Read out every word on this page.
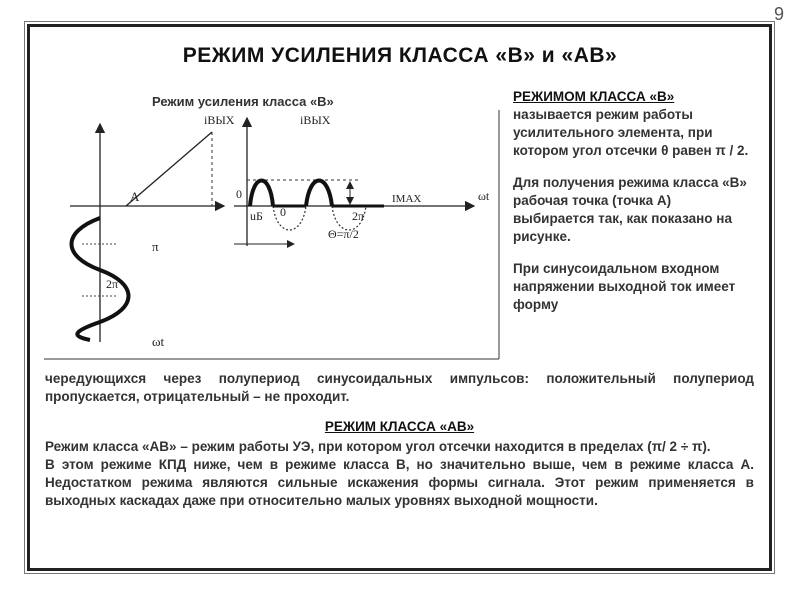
9
РЕЖИМ УСИЛЕНИЯ КЛАССА «В» и «АВ»
Режим усиления класса «В»
iВЫХ
A
π
2π
ωt
iВЫХ
0
uБ 0	2π
Θ=π/2
IMAX	ωt

РЕЖИМОМ КЛАССА «В» называется режим работы усилительного элемента, при котором угол отсечки θ равен π / 2.

Для получения режима класса «В» рабочая точка (точка А) выбирается так, как показано на рисунке.

При синусоидальном входном напряжении выходной ток имеет форму

чередующихся через полупериод синусоидальных импульсов: положительный полупериод пропускается, отрицательный – не проходит.

РЕЖИМ КЛАССА «АВ»

Режим класса «АВ» – режим работы УЭ, при котором угол отсечки находится в пределах (π/ 2 ÷ π).

В этом режиме КПД ниже, чем в режиме класса В, но значительно выше, чем в режиме класса А. Недостатком режима являются сильные искажения формы сигнала. Этот режим применяется в выходных каскадах даже при относительно малых уровнях выходной мощности.
